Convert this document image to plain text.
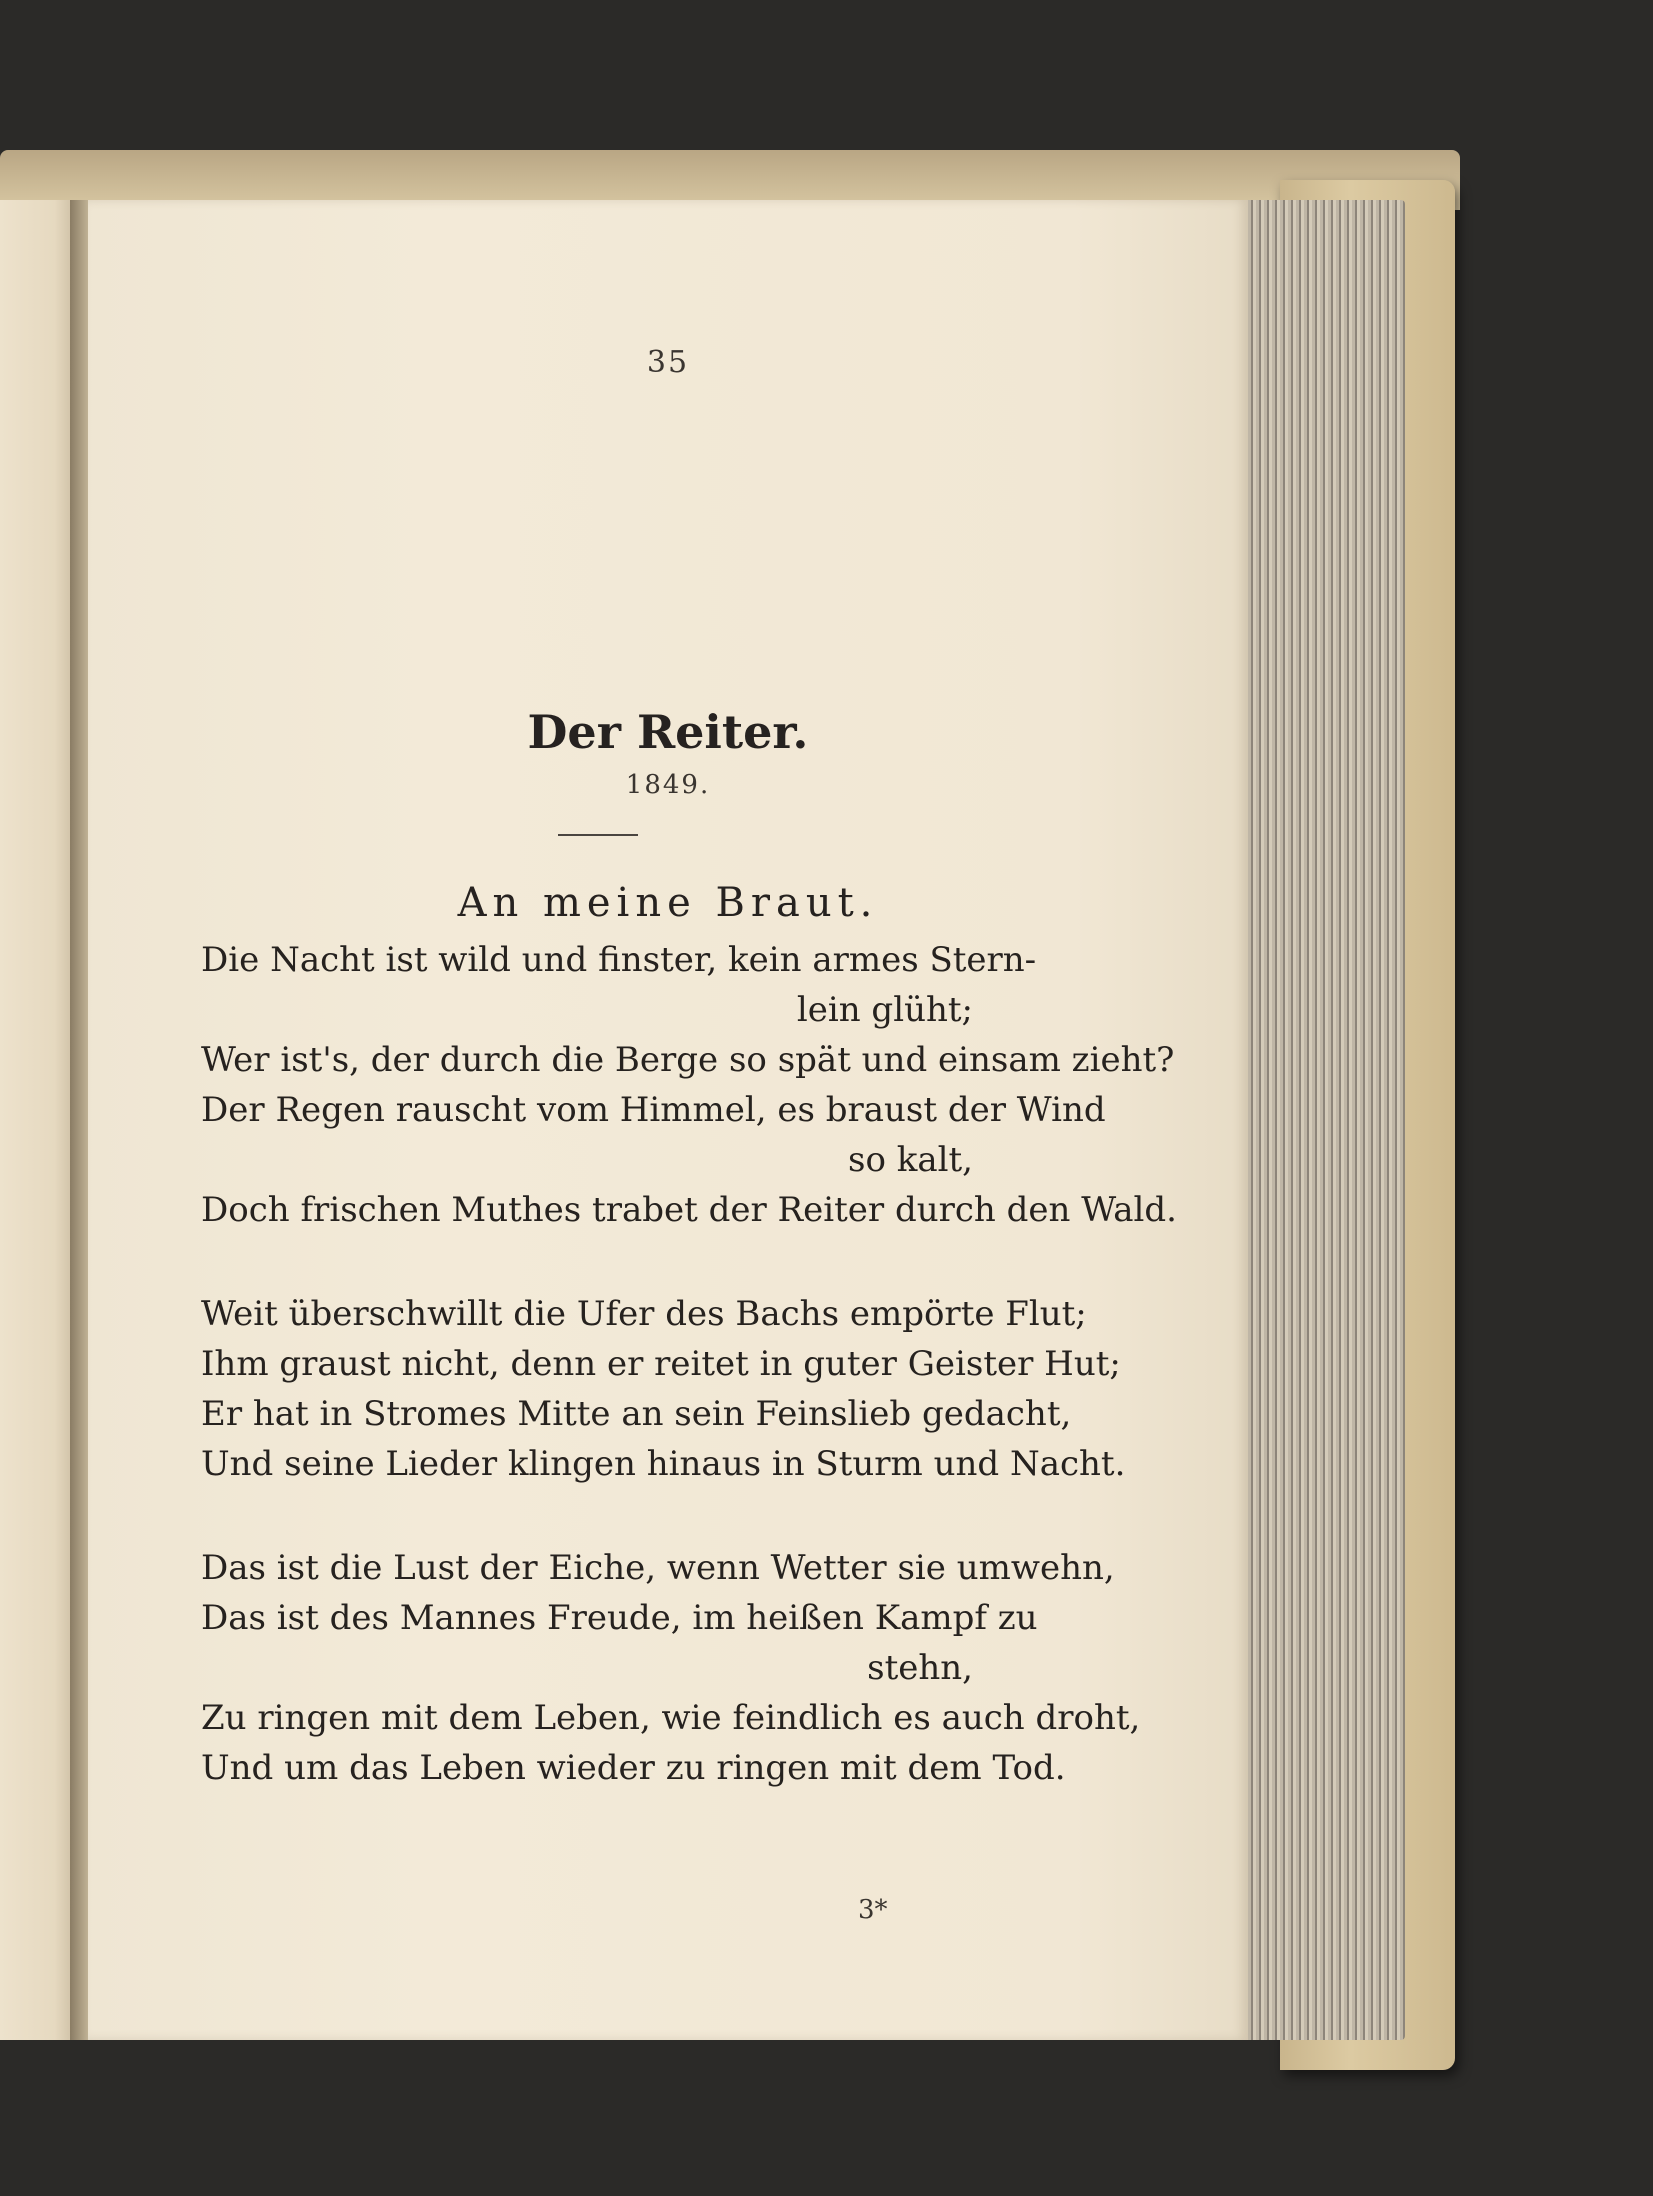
35
Der Reiter.
1849.
An meine Braut.
Die Nacht ist wild und finster, kein armes Stern-
lein glüht;
Wer ist's, der durch die Berge so spät und einsam zieht?
Der Regen rauscht vom Himmel, es braust der Wind
so kalt,
Doch frischen Muthes trabet der Reiter durch den Wald.
Weit überschwillt die Ufer des Bachs empörte Flut;
Ihm graust nicht, denn er reitet in guter Geister Hut;
Er hat in Stromes Mitte an sein Feinslieb gedacht,
Und seine Lieder klingen hinaus in Sturm und Nacht.
Das ist die Lust der Eiche, wenn Wetter sie umwehn,
Das ist des Mannes Freude, im heißen Kampf zu
stehn,
Zu ringen mit dem Leben, wie feindlich es auch droht,
Und um das Leben wieder zu ringen mit dem Tod.
3*
